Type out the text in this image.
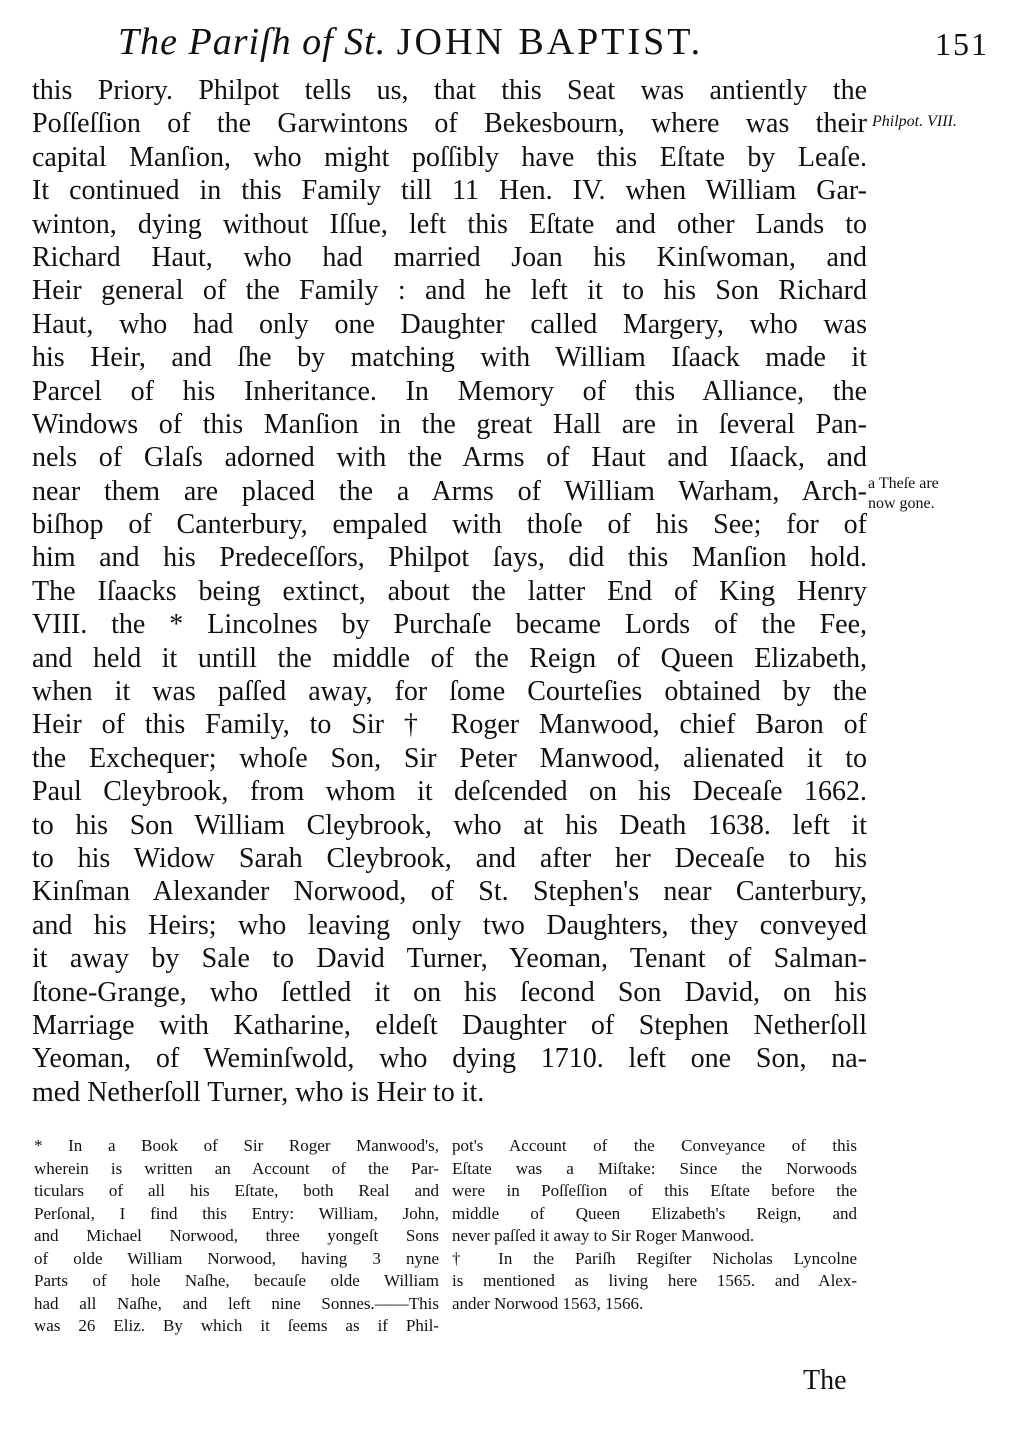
The Pariſh of St. JOHN BAPTIST.	151
this Priory. Philpot tells us, that this Seat was antiently the
Poſſeſſion of the Garwintons of Bekesbourn, where was their
capital Manſion, who might poſſibly have this Eſtate by Leaſe.
It continued in this Family till 11 Hen. IV. when William Gar-
winton, dying without Iſſue, left this Eſtate and other Lands to
Richard Haut, who had married Joan his Kinſwoman, and
Heir general of the Family : and he left it to his Son Richard
Haut, who had only one Daughter called Margery, who was
his Heir, and ſhe by matching with William Iſaack made it
Parcel of his Inheritance. In Memory of this Alliance, the
Windows of this Manſion in the great Hall are in ſeveral Pan-
nels of Glaſs adorned with the Arms of Haut and Iſaack, and
near them are placed the a Arms of William Warham, Arch-
biſhop of Canterbury, empaled with thoſe of his See; for of
him and his Predeceſſors, Philpot ſays, did this Manſion hold.
The Iſaacks being extinct, about the latter End of King Henry
VIII. the * Lincolnes by Purchaſe became Lords of the Fee,
and held it untill the middle of the Reign of Queen Elizabeth,
when it was paſſed away, for ſome Courteſies obtained by the
Heir of this Family, to Sir † Roger Manwood, chief Baron of
the Exchequer; whoſe Son, Sir Peter Manwood, alienated it to
Paul Cleybrook, from whom it deſcended on his Deceaſe 1662.
to his Son William Cleybrook, who at his Death 1638. left it
to his Widow Sarah Cleybrook, and after her Deceaſe to his
Kinſman Alexander Norwood, of St. Stephen's near Canterbury,
and his Heirs; who leaving only two Daughters, they conveyed
it away by Sale to David Turner, Yeoman, Tenant of Salman-
ſtone-Grange, who ſettled it on his ſecond Son David, on his
Marriage with Katharine, eldeſt Daughter of Stephen Netherſoll
Yeoman, of Weminſwold, who dying 1710. left one Son, na-
med Netherſoll Turner, who is Heir to it.
Philpot. VIII.
a Theſe are
now gone.
* In a Book of Sir Roger Manwood's,
wherein is written an Account of the Par-
ticulars of all his Eſtate, both Real and
Perſonal, I find this Entry: William, John,
and Michael Norwood, three yongeſt Sons
of olde William Norwood, having 3 nyne
Parts of hole Naſhe, becauſe olde William
had all Naſhe, and left nine Sonnes.——This
was 26 Eliz. By which it ſeems as if Phil-
pot's Account of the Conveyance of this
Eſtate was a Miſtake: Since the Norwoods
were in Poſſeſſion of this Eſtate before the
middle of Queen Elizabeth's Reign, and
never paſſed it away to Sir Roger Manwood.
† In the Pariſh Regiſter Nicholas Lyncolne
is mentioned as living here 1565. and Alex-
ander Norwood 1563, 1566.
The
